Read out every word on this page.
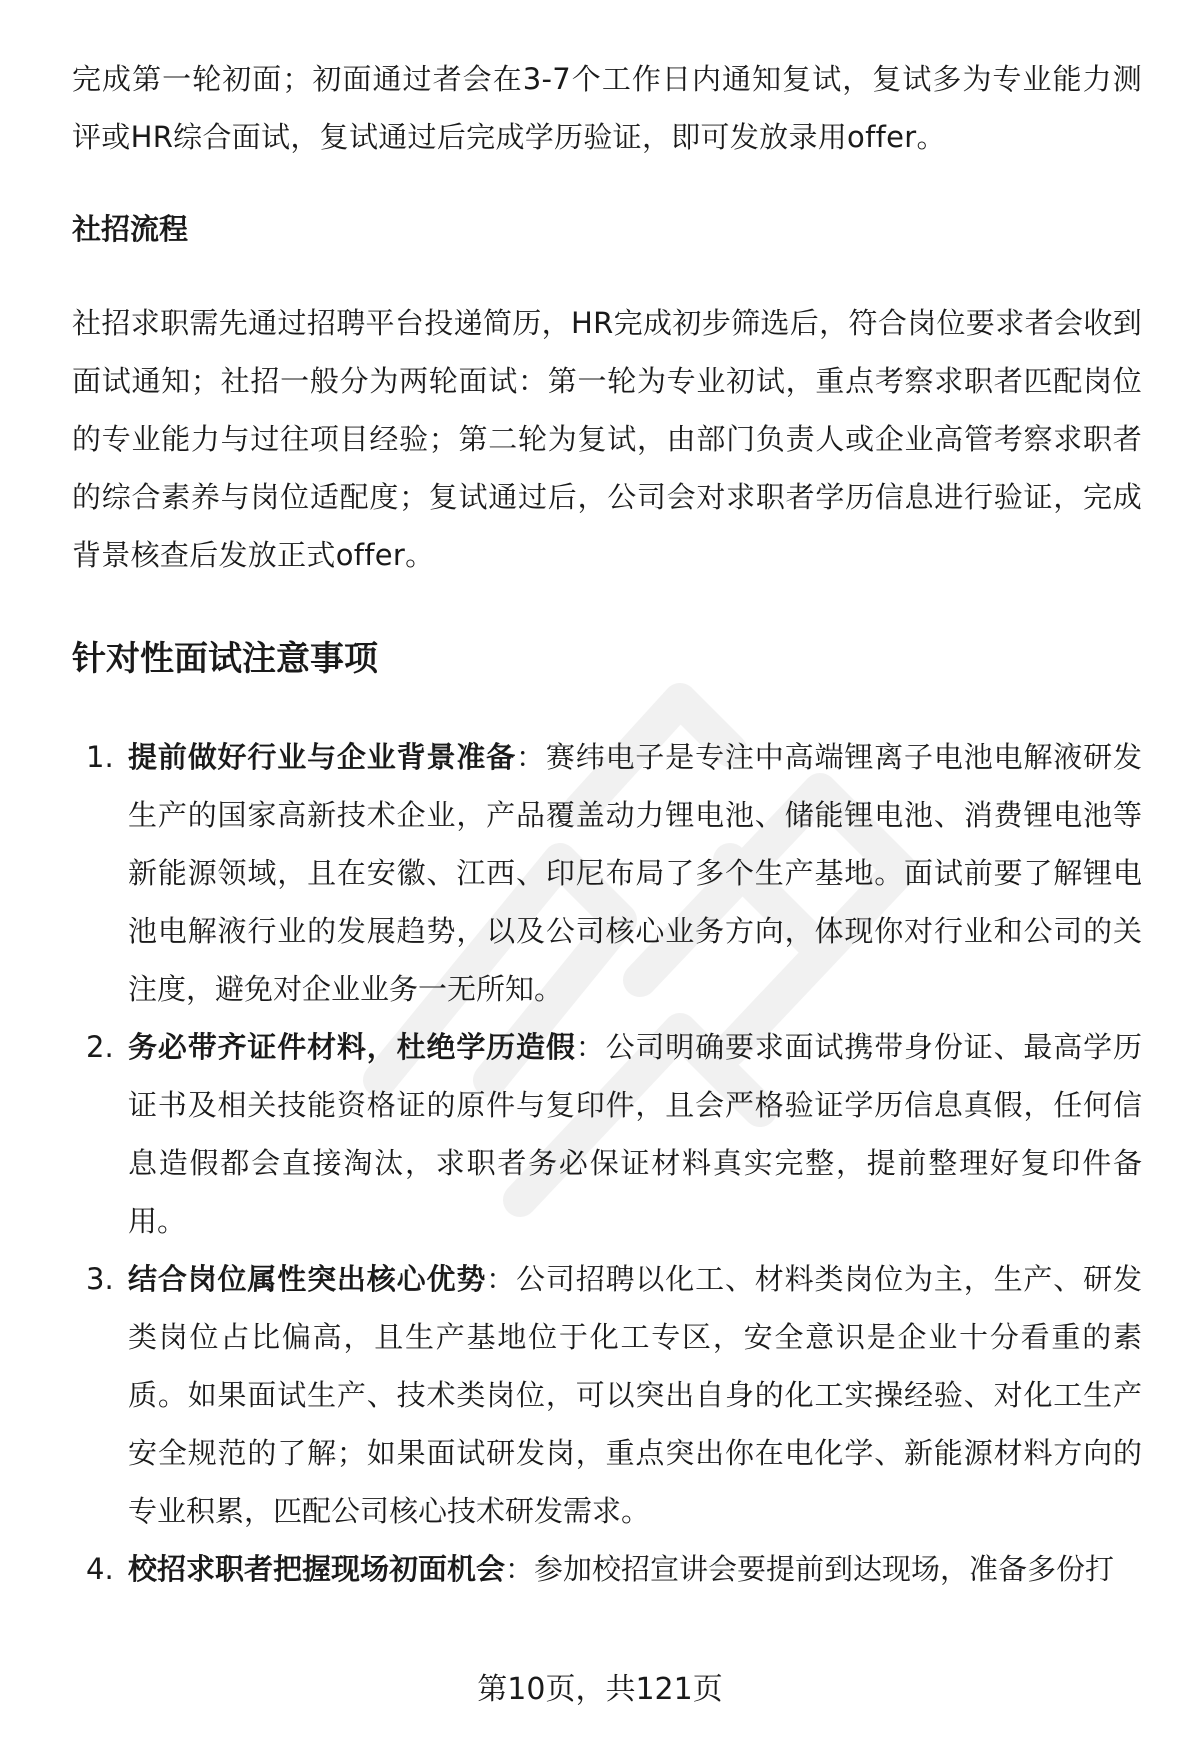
完成第一轮初面；初面通过者会在3-7个工作日内通知复试，复试多为专业能力测评或HR综合面试，复试通过后完成学历验证，即可发放录用offer。

社招流程

社招求职需先通过招聘平台投递简历，HR完成初步筛选后，符合岗位要求者会收到面试通知；社招一般分为两轮面试：第一轮为专业初试，重点考察求职者匹配岗位的专业能力与过往项目经验；第二轮为复试，由部门负责人或企业高管考察求职者的综合素养与岗位适配度；复试通过后，公司会对求职者学历信息进行验证，完成背景核查后发放正式offer。

针对性面试注意事项
1. 提前做好行业与企业背景准备：赛纬电子是专注中高端锂离子电池电解液研发生产的国家高新技术企业，产品覆盖动力锂电池、储能锂电池、消费锂电池等新能源领域，且在安徽、江西、印尼布局了多个生产基地。面试前要了解锂电池电解液行业的发展趋势，以及公司核心业务方向，体现你对行业和公司的关注度，避免对企业业务一无所知。
2. 务必带齐证件材料，杜绝学历造假：公司明确要求面试携带身份证、最高学历证书及相关技能资格证的原件与复印件，且会严格验证学历信息真假，任何信息造假都会直接淘汰，求职者务必保证材料真实完整，提前整理好复印件备用。
3. 结合岗位属性突出核心优势：公司招聘以化工、材料类岗位为主，生产、研发类岗位占比偏高，且生产基地位于化工专区，安全意识是企业十分看重的素质。如果面试生产、技术类岗位，可以突出自身的化工实操经验、对化工生产安全规范的了解；如果面试研发岗，重点突出你在电化学、新能源材料方向的专业积累，匹配公司核心技术研发需求。
4. 校招求职者把握现场初面机会：参加校招宣讲会要提前到达现场，准备多份打
第10页，共121页
